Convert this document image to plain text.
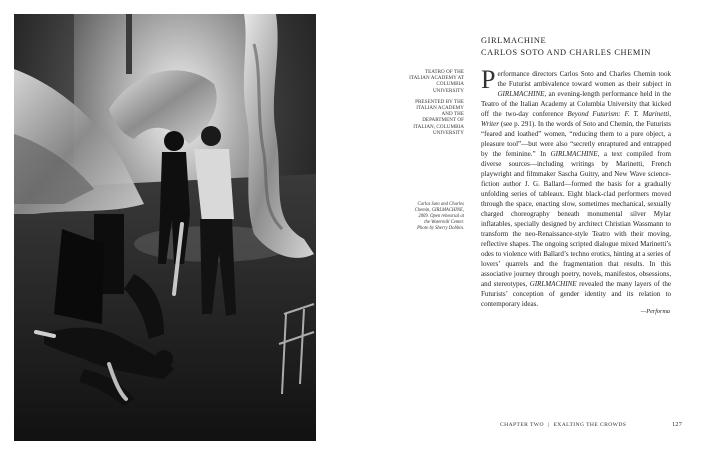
TEATRO OF THE ITALIAN ACADEMY AT COLUMBIA UNIVERSITY

PRESENTED BY THE ITALIAN ACADEMY AND THE DEPARTMENT OF ITALIAN, COLUMBIA UNIVERSITY

Carlos Soto and Charles Chemin, GIRLMACHINE, 2009. Open rehearsal at the Watermill Center. Photo by Sherry Dobbin.
GIRLMACHINE
CARLOS SOTO AND CHARLES CHEMIN

Performance directors Carlos Soto and Charles Chemin took the Futurist ambivalence toward women as their subject in GIRLMACHINE, an evening-length performance held in the Teatro of the Italian Academy at Columbia University that kicked off the two-day conference Beyond Futurism: F. T. Marinetti, Writer (see p. 291). In the words of Soto and Chemin, the Futurists “feared and loathed” women, “reducing them to a pure object, a pleasure tool”—but were also “secretly enraptured and entrapped by the feminine.” In GIRLMACHINE, a text compiled from diverse sources—including writings by Marinetti, French playwright and filmmaker Sascha Guitry, and New Wave science-fiction author J. G. Ballard—formed the basis for a gradually unfolding series of tableaux. Eight black-clad performers moved through the space, enacting slow, sometimes mechanical, sexually charged choreography beneath monumental silver Mylar inflatables, specially designed by architect Christian Wassmann to transform the neo-Renaissance-style Teatro with their moving, reflective shapes. The ongoing scripted dialogue mixed Marinetti’s odes to violence with Ballard’s techno erotics, hinting at a series of lovers’ quarrels and the fragmentation that results. In this associative journey through poetry, novels, manifestos, obsessions, and stereotypes, GIRLMACHINE revealed the many layers of the Futurists’ conception of gender identity and its relation to contemporary ideas.

—Performa
CHAPTER TWO | EXALTING THE CROWDS	127
